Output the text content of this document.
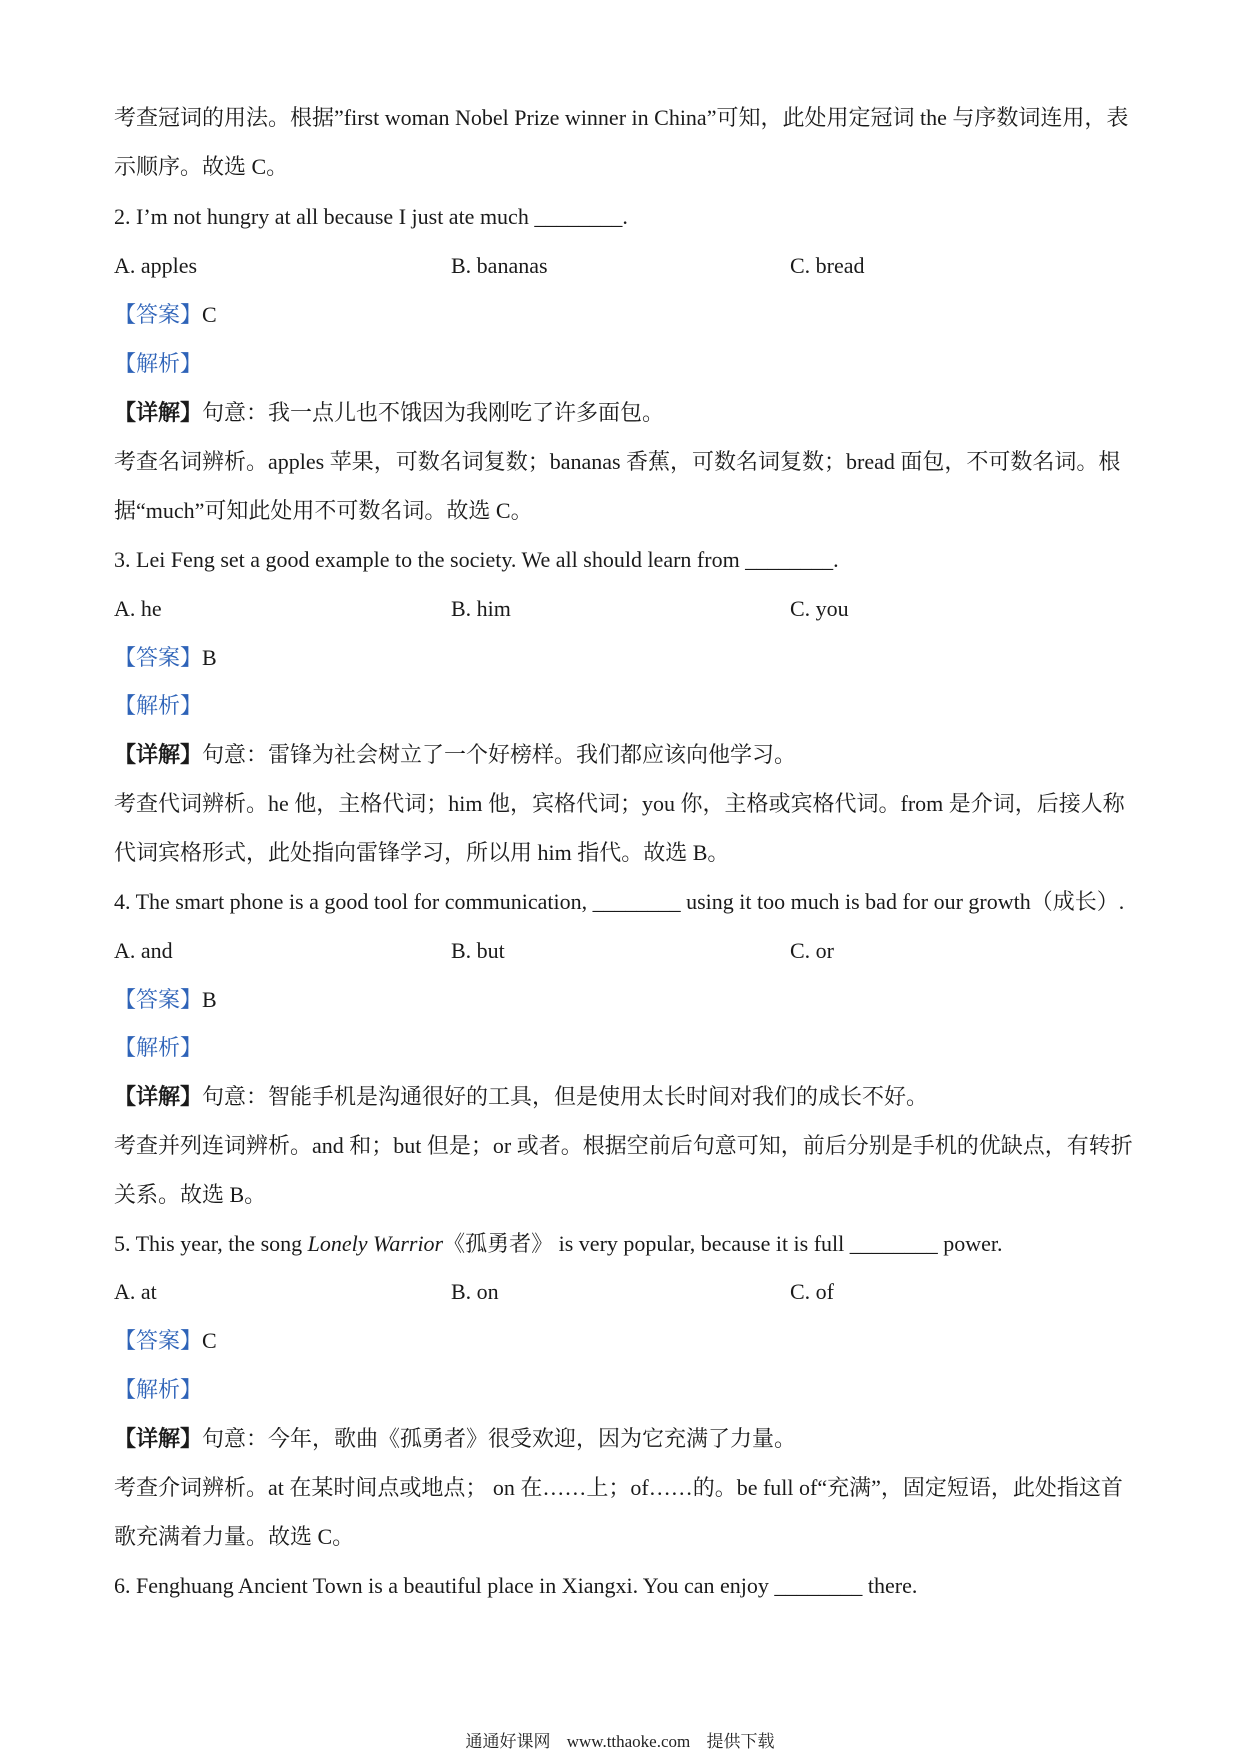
考查冠词的用法。根据”first woman Nobel Prize winner in China”可知，此处用定冠词 the 与序数词连用，表
示顺序。故选 C。
2. I’m not hungry at all because I just ate much ________.
A. apples	B. bananas	C. bread
【答案】C
【解析】
【详解】句意：我一点儿也不饿因为我刚吃了许多面包。
考查名词辨析。apples 苹果，可数名词复数；bananas 香蕉，可数名词复数；bread 面包，不可数名词。根
据“much”可知此处用不可数名词。故选 C。
3. Lei Feng set a good example to the society. We all should learn from ________.
A. he	B. him	C. you
【答案】B
【解析】
【详解】句意：雷锋为社会树立了一个好榜样。我们都应该向他学习。
考查代词辨析。he 他，主格代词；him 他，宾格代词；you 你，主格或宾格代词。from 是介词，后接人称
代词宾格形式，此处指向雷锋学习，所以用 him 指代。故选 B。
4. The smart phone is a good tool for communication, ________ using it too much is bad for our growth（成长）.
A. and	B. but	C. or
【答案】B
【解析】
【详解】句意：智能手机是沟通很好的工具，但是使用太长时间对我们的成长不好。
考查并列连词辨析。and 和；but 但是；or 或者。根据空前后句意可知，前后分别是手机的优缺点，有转折
关系。故选 B。
5. This year, the song Lonely Warrior《孤勇者》 is very popular, because it is full ________ power.
A. at	B. on	C. of
【答案】C
【解析】
【详解】句意：今年，歌曲《孤勇者》很受欢迎，因为它充满了力量。
考查介词辨析。at 在某时间点或地点； on 在……上；of……的。be full of“充满”，固定短语，此处指这首
歌充满着力量。故选 C。
6. Fenghuang Ancient Town is a beautiful place in Xiangxi. You can enjoy ________ there.
通通好课网 www.tthaoke.com 提供下载
